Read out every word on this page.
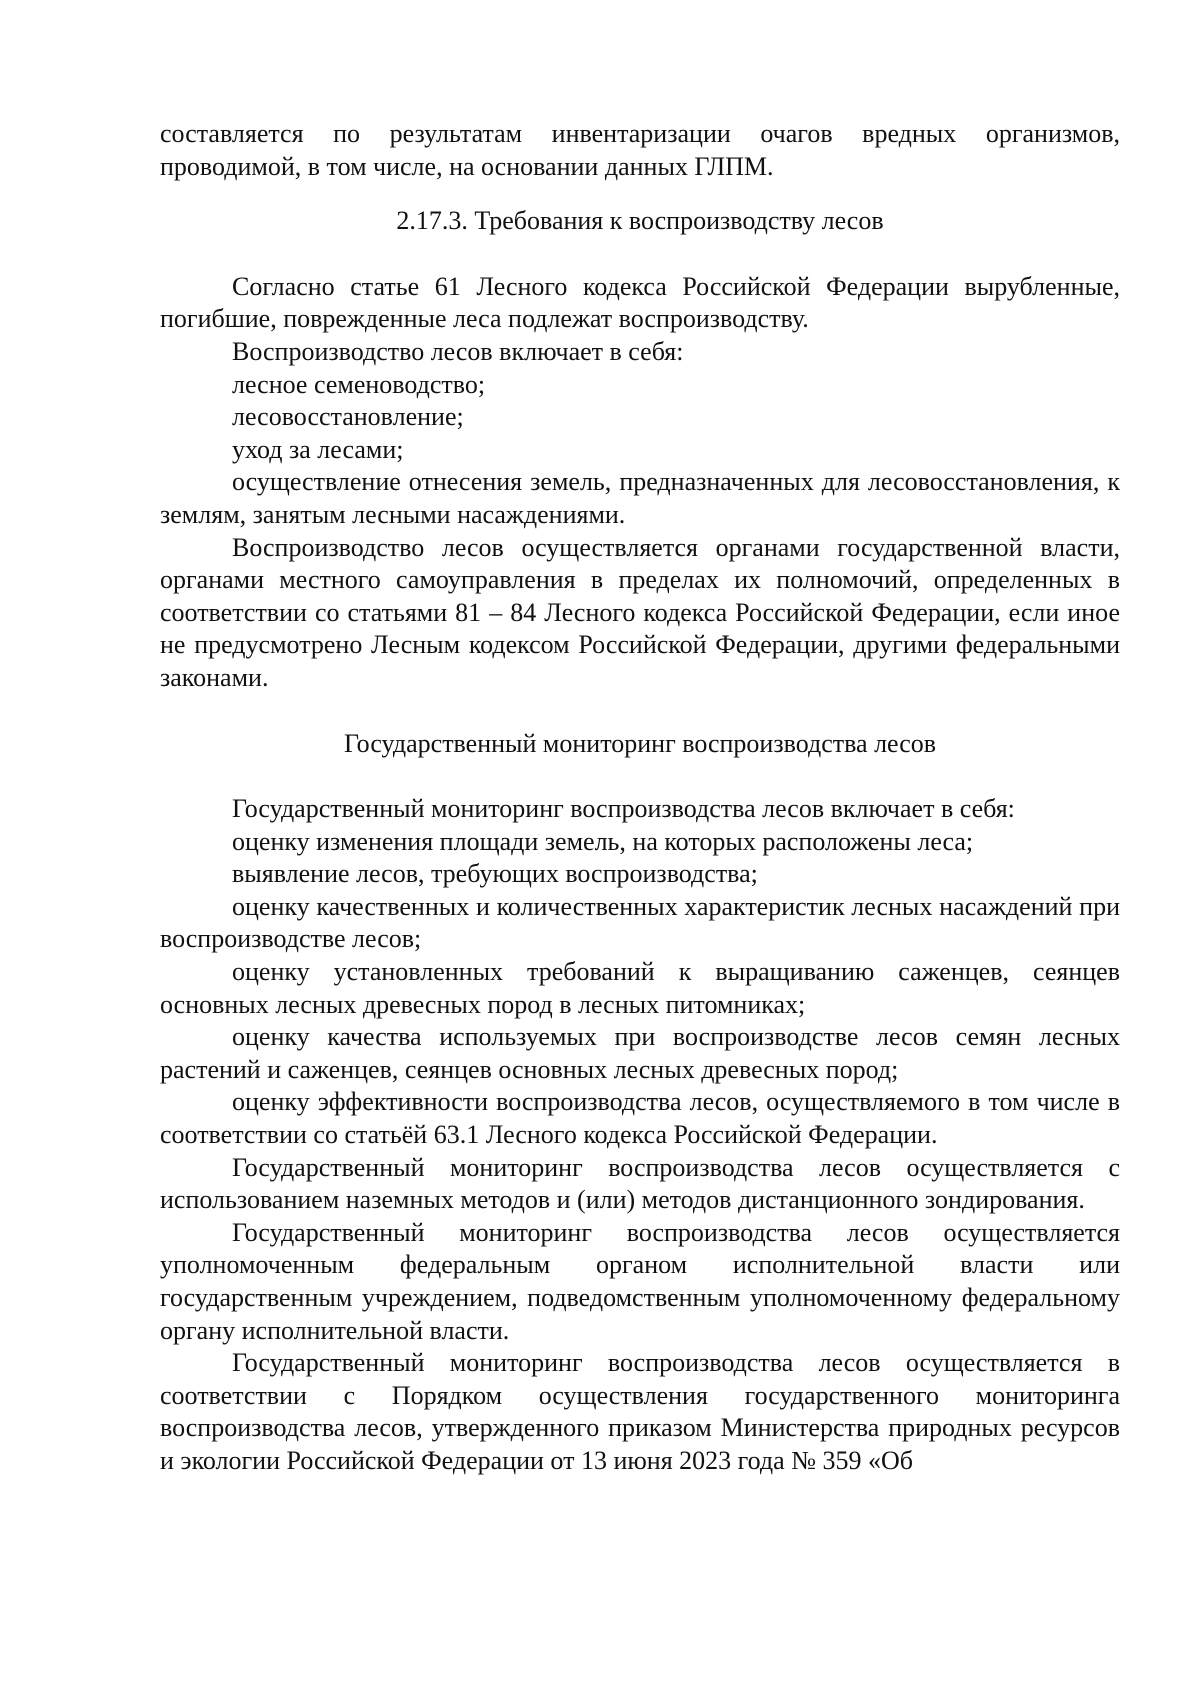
составляется по результатам инвентаризации очагов вредных организмов, проводимой, в том числе, на основании данных ГЛПМ.

2.17.3. Требования к воспроизводству лесов

Согласно статье 61 Лесного кодекса Российской Федерации вырубленные, погибшие, поврежденные леса подлежат воспроизводству.

Воспроизводство лесов включает в себя:

лесное семеноводство;

лесовосстановление;

уход за лесами;

осуществление отнесения земель, предназначенных для лесовосстановления, к землям, занятым лесными насаждениями.

Воспроизводство лесов осуществляется органами государственной власти, органами местного самоуправления в пределах их полномочий, определенных в соответствии со статьями 81 – 84 Лесного кодекса Российской Федерации, если иное не предусмотрено Лесным кодексом Российской Федерации, другими федеральными законами.

Государственный мониторинг воспроизводства лесов

Государственный мониторинг воспроизводства лесов включает в себя:

оценку изменения площади земель, на которых расположены леса;

выявление лесов, требующих воспроизводства;

оценку качественных и количественных характеристик лесных насаждений при воспроизводстве лесов;

оценку установленных требований к выращиванию саженцев, сеянцев основных лесных древесных пород в лесных питомниках;

оценку качества используемых при воспроизводстве лесов семян лесных растений и саженцев, сеянцев основных лесных древесных пород;

оценку эффективности воспроизводства лесов, осуществляемого в том числе в соответствии со статьёй 63.1 Лесного кодекса Российской Федерации.

Государственный мониторинг воспроизводства лесов осуществляется с использованием наземных методов и (или) методов дистанционного зондирования.

Государственный мониторинг воспроизводства лесов осуществляется уполномоченным федеральным органом исполнительной власти или государственным учреждением, подведомственным уполномоченному федеральному органу исполнительной власти.

Государственный мониторинг воспроизводства лесов осуществляется в соответствии с Порядком осуществления государственного мониторинга воспроизводства лесов, утвержденного приказом Министерства природных ресурсов и экологии Российской Федерации от 13 июня 2023 года № 359 «Об
